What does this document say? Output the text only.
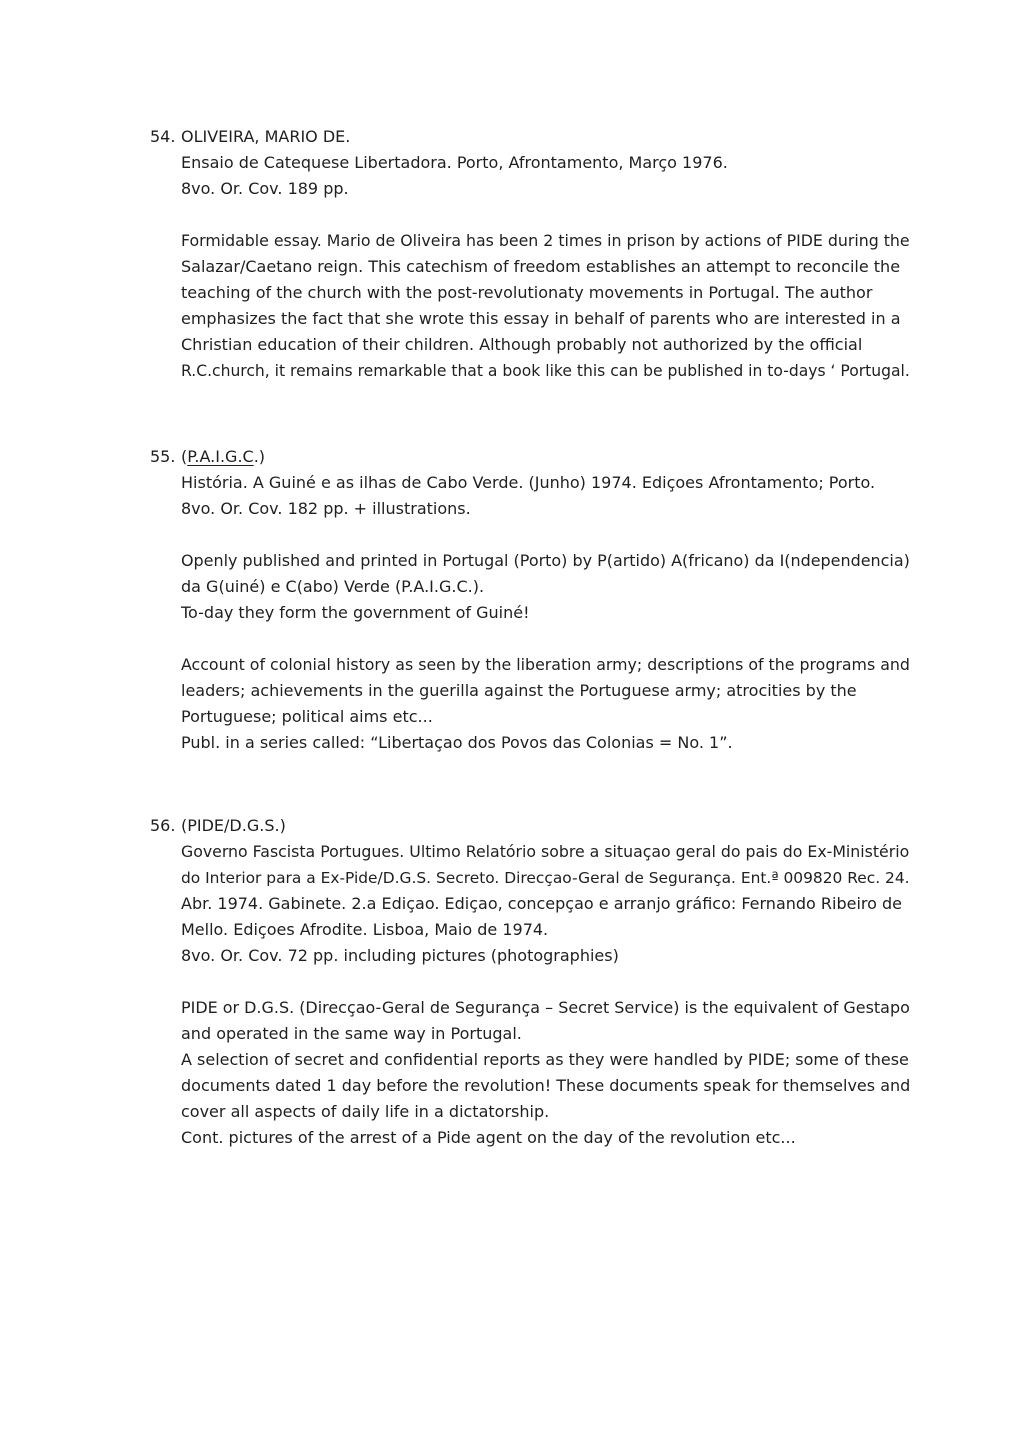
54. OLIVEIRA, MARIO DE.
Ensaio de Catequese Libertadora. Porto, Afrontamento, Março 1976.
8vo. Or. Cov. 189 pp.
Formidable essay. Mario de Oliveira has been 2 times in prison by actions of PIDE during the
Salazar/Caetano reign. This catechism of freedom establishes an attempt to reconcile the
teaching of the church with the post-revolutionaty movements in Portugal. The author
emphasizes the fact that she wrote this essay in behalf of parents who are interested in a
Christian education of their children. Although probably not authorized by the official
R.C.church, it remains remarkable that a book like this can be published in to-days ‘ Portugal.
55. (P.A.I.G.C.)
História. A Guiné e as ilhas de Cabo Verde. (Junho) 1974. Ediçoes Afrontamento; Porto.
8vo. Or. Cov. 182 pp. + illustrations.
Openly published and printed in Portugal (Porto) by P(artido) A(fricano) da I(ndependencia)
da G(uiné) e C(abo) Verde (P.A.I.G.C.).
To-day they form the government of Guiné!
Account of colonial history as seen by the liberation army; descriptions of the programs and
leaders; achievements in the guerilla against the Portuguese army; atrocities by the
Portuguese; political aims etc...
Publ. in a series called: “Libertaçao dos Povos das Colonias = No. 1”.
56. (PIDE/D.G.S.)
Governo Fascista Portugues. Ultimo Relatório sobre a situaçao geral do pais do Ex-Ministério
do Interior para a Ex-Pide/D.G.S. Secreto. Direcçao-Geral de Segurança. Ent.ª 009820 Rec. 24.
Abr. 1974. Gabinete. 2.a Ediçao. Ediçao, concepçao e arranjo gráfico: Fernando Ribeiro de
Mello. Ediçoes Afrodite. Lisboa, Maio de 1974.
8vo. Or. Cov. 72 pp. including pictures (photographies)
PIDE or D.G.S. (Direcçao-Geral de Segurança – Secret Service) is the equivalent of Gestapo
and operated in the same way in Portugal.
A selection of secret and confidential reports as they were handled by PIDE; some of these
documents dated 1 day before the revolution! These documents speak for themselves and
cover all aspects of daily life in a dictatorship.
Cont. pictures of the arrest of a Pide agent on the day of the revolution etc...
